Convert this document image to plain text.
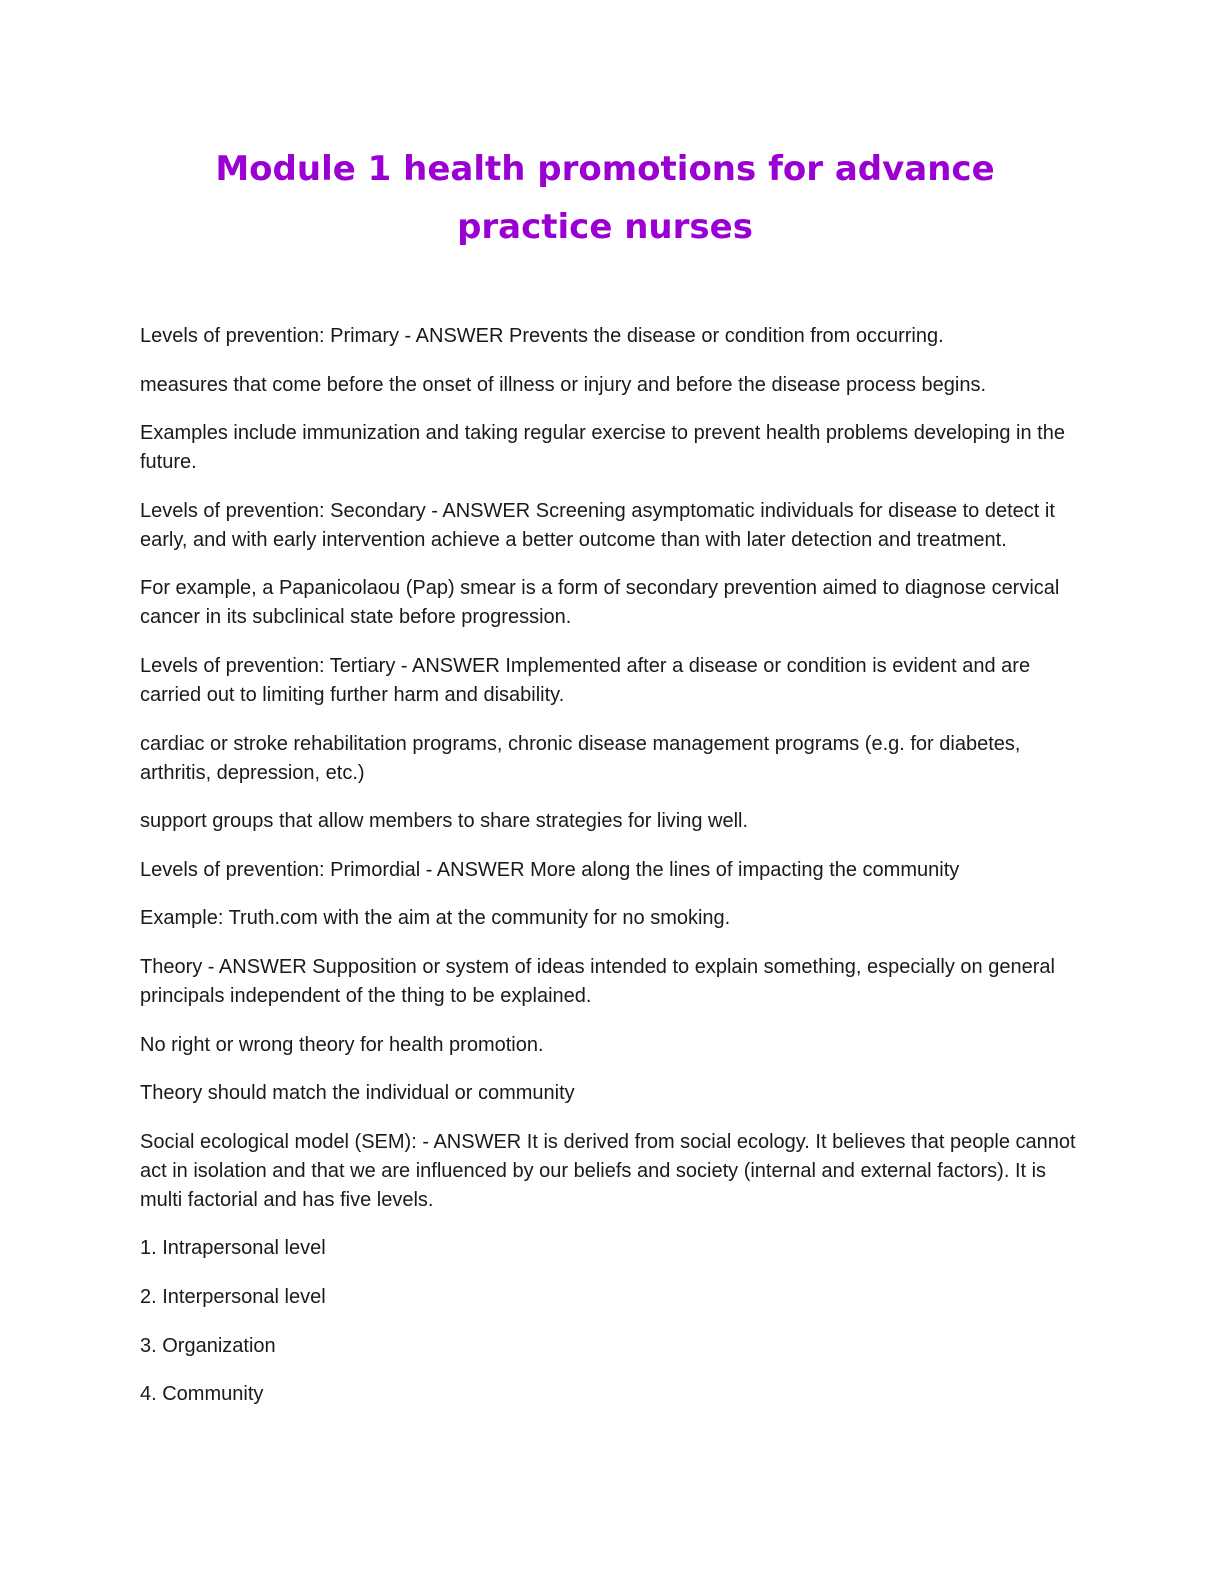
Module 1 health promotions for advance
practice nurses

Levels of prevention: Primary - ANSWER Prevents the disease or condition from occurring.

measures that come before the onset of illness or injury and before the disease process begins.

Examples include immunization and taking regular exercise to prevent health problems developing in the future.

Levels of prevention: Secondary - ANSWER Screening asymptomatic individuals for disease to detect it early, and with early intervention achieve a better outcome than with later detection and treatment.

For example, a Papanicolaou (Pap) smear is a form of secondary prevention aimed to diagnose cervical cancer in its subclinical state before progression.

Levels of prevention: Tertiary - ANSWER Implemented after a disease or condition is evident and are carried out to limiting further harm and disability.

cardiac or stroke rehabilitation programs, chronic disease management programs (e.g. for diabetes, arthritis, depression, etc.)

support groups that allow members to share strategies for living well.

Levels of prevention: Primordial - ANSWER More along the lines of impacting the community

Example: Truth.com with the aim at the community for no smoking.

Theory - ANSWER Supposition or system of ideas intended to explain something, especially on general principals independent of the thing to be explained.

No right or wrong theory for health promotion.

Theory should match the individual or community

Social ecological model (SEM): - ANSWER It is derived from social ecology. It believes that people cannot act in isolation and that we are influenced by our beliefs and society (internal and external factors). It is multi factorial and has five levels.

1. Intrapersonal level

2. Interpersonal level

3. Organization

4. Community
